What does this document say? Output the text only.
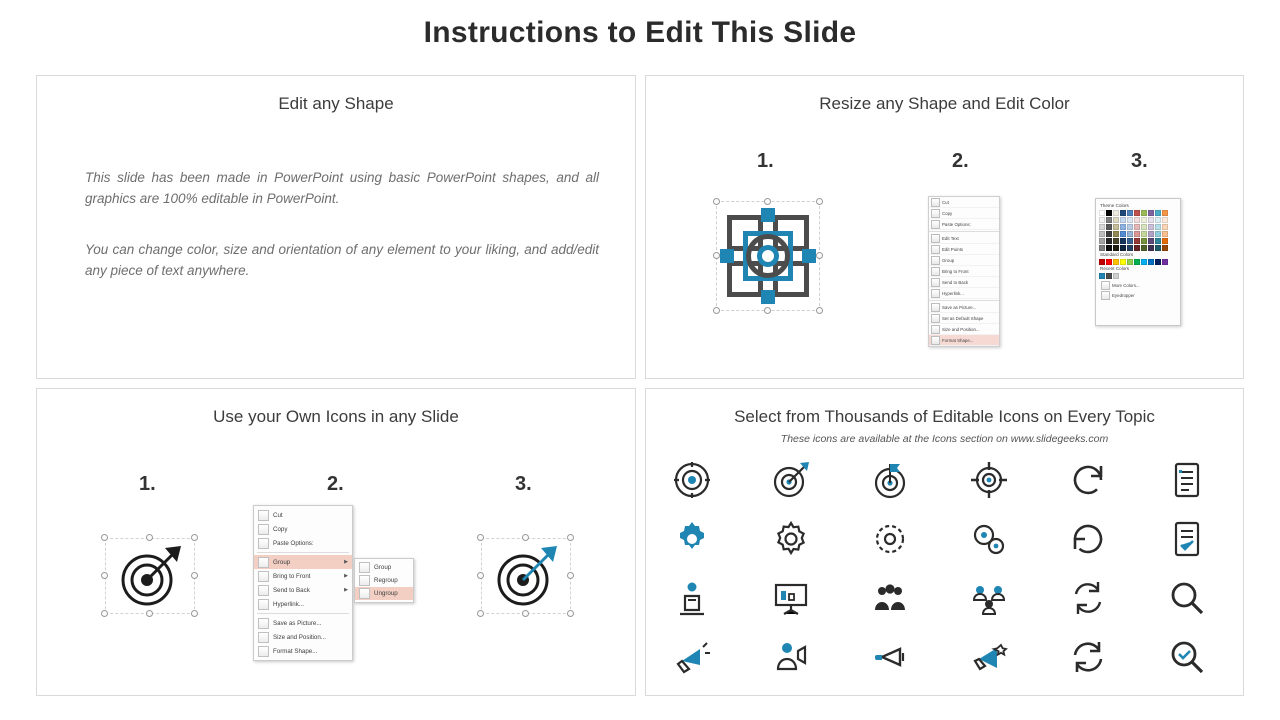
Instructions to Edit This Slide
Edit any Shape
This slide has been made in PowerPoint using basic PowerPoint shapes, and all graphics are 100% editable in PowerPoint.
You can change color, size and orientation of any element to your liking, and add/edit any piece of text anywhere.
Resize any Shape and Edit Color
1.	2.	3.
Cut
Copy
Paste Options:
Edit Text
Edit Points
Group
Bring to Front
Send to Back
Hyperlink...
Save as Picture...
Set as Default Shape
Size and Position...
Format Shape...
Theme Colors
Standard Colors
Recent Colors
More Colors...
Eyedropper
Use your Own Icons in any Slide
1.	2.	3.
Cut
Copy
Paste Options:
Group	▶
Bring to Front	▶
Send to Back	▶
Hyperlink...
Save as Picture...
Size and Position...
Format Shape...
Group
Regroup
Ungroup
Select from Thousands of Editable Icons on Every Topic
These icons are available at the Icons section on www.slidegeeks.com
